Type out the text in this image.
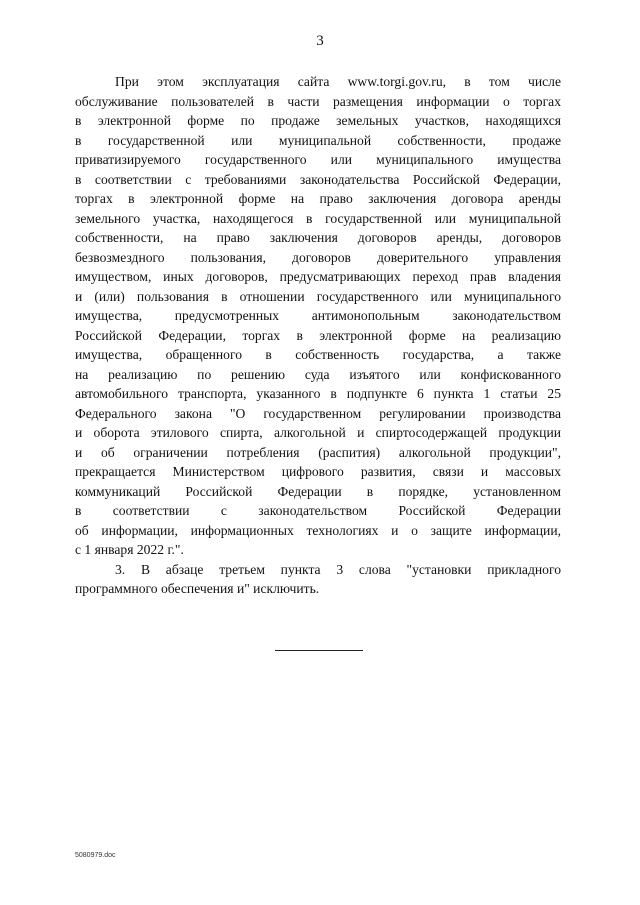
3
При этом эксплуатация сайта www.torgi.gov.ru, в том числе
обслуживание пользователей в части размещения информации о торгах
в электронной форме по продаже земельных участков, находящихся
в государственной или муниципальной собственности, продаже
приватизируемого государственного или муниципального имущества
в соответствии с требованиями законодательства Российской Федерации,
торгах в электронной форме на право заключения договора аренды
земельного участка, находящегося в государственной или муниципальной
собственности, на право заключения договоров аренды, договоров
безвозмездного пользования, договоров доверительного управления
имуществом, иных договоров, предусматривающих переход прав владения
и (или) пользования в отношении государственного или муниципального
имущества, предусмотренных антимонопольным законодательством
Российской Федерации, торгах в электронной форме на реализацию
имущества, обращенного в собственность государства, а также
на реализацию по решению суда изъятого или конфискованного
автомобильного транспорта, указанного в подпункте 6 пункта 1 статьи 25
Федерального закона "О государственном регулировании производства
и оборота этилового спирта, алкогольной и спиртосодержащей продукции
и об ограничении потребления (распития) алкогольной продукции",
прекращается Министерством цифрового развития, связи и массовых
коммуникаций Российской Федерации в порядке, установленном
в соответствии с законодательством Российской Федерации
об информации, информационных технологиях и о защите информации,
с 1 января 2022 г.".
3. В абзаце третьем пункта 3 слова "установки прикладного
программного обеспечения и" исключить.
5080979.doc
